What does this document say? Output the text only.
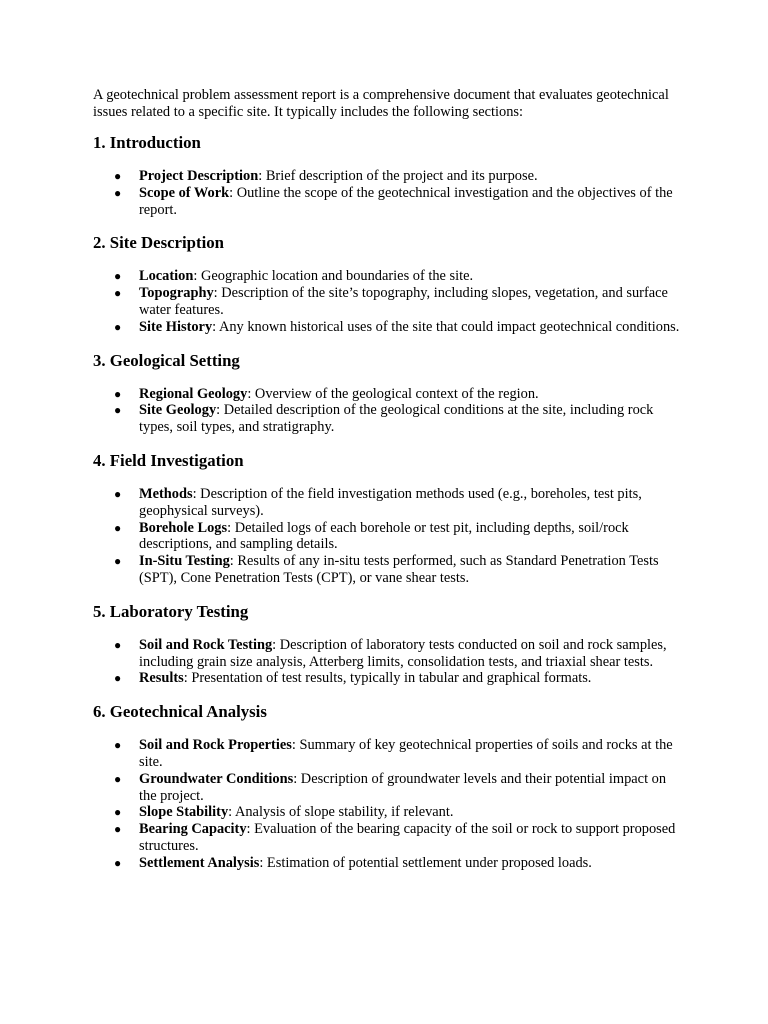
A geotechnical problem assessment report is a comprehensive document that evaluates geotechnical issues related to a specific site. It typically includes the following sections:

1. Introduction
● Project Description: Brief description of the project and its purpose.
● Scope of Work: Outline the scope of the geotechnical investigation and the objectives of the report.
2. Site Description
● Location: Geographic location and boundaries of the site.
● Topography: Description of the site’s topography, including slopes, vegetation, and surface water features.
● Site History: Any known historical uses of the site that could impact geotechnical conditions.
3. Geological Setting
● Regional Geology: Overview of the geological context of the region.
● Site Geology: Detailed description of the geological conditions at the site, including rock types, soil types, and stratigraphy.
4. Field Investigation
● Methods: Description of the field investigation methods used (e.g., boreholes, test pits, geophysical surveys).
● Borehole Logs: Detailed logs of each borehole or test pit, including depths, soil/rock descriptions, and sampling details.
● In-Situ Testing: Results of any in-situ tests performed, such as Standard Penetration Tests (SPT), Cone Penetration Tests (CPT), or vane shear tests.
5. Laboratory Testing
● Soil and Rock Testing: Description of laboratory tests conducted on soil and rock samples, including grain size analysis, Atterberg limits, consolidation tests, and triaxial shear tests.
● Results: Presentation of test results, typically in tabular and graphical formats.
6. Geotechnical Analysis
● Soil and Rock Properties: Summary of key geotechnical properties of soils and rocks at the site.
● Groundwater Conditions: Description of groundwater levels and their potential impact on the project.
● Slope Stability: Analysis of slope stability, if relevant.
● Bearing Capacity: Evaluation of the bearing capacity of the soil or rock to support proposed structures.
● Settlement Analysis: Estimation of potential settlement under proposed loads.
